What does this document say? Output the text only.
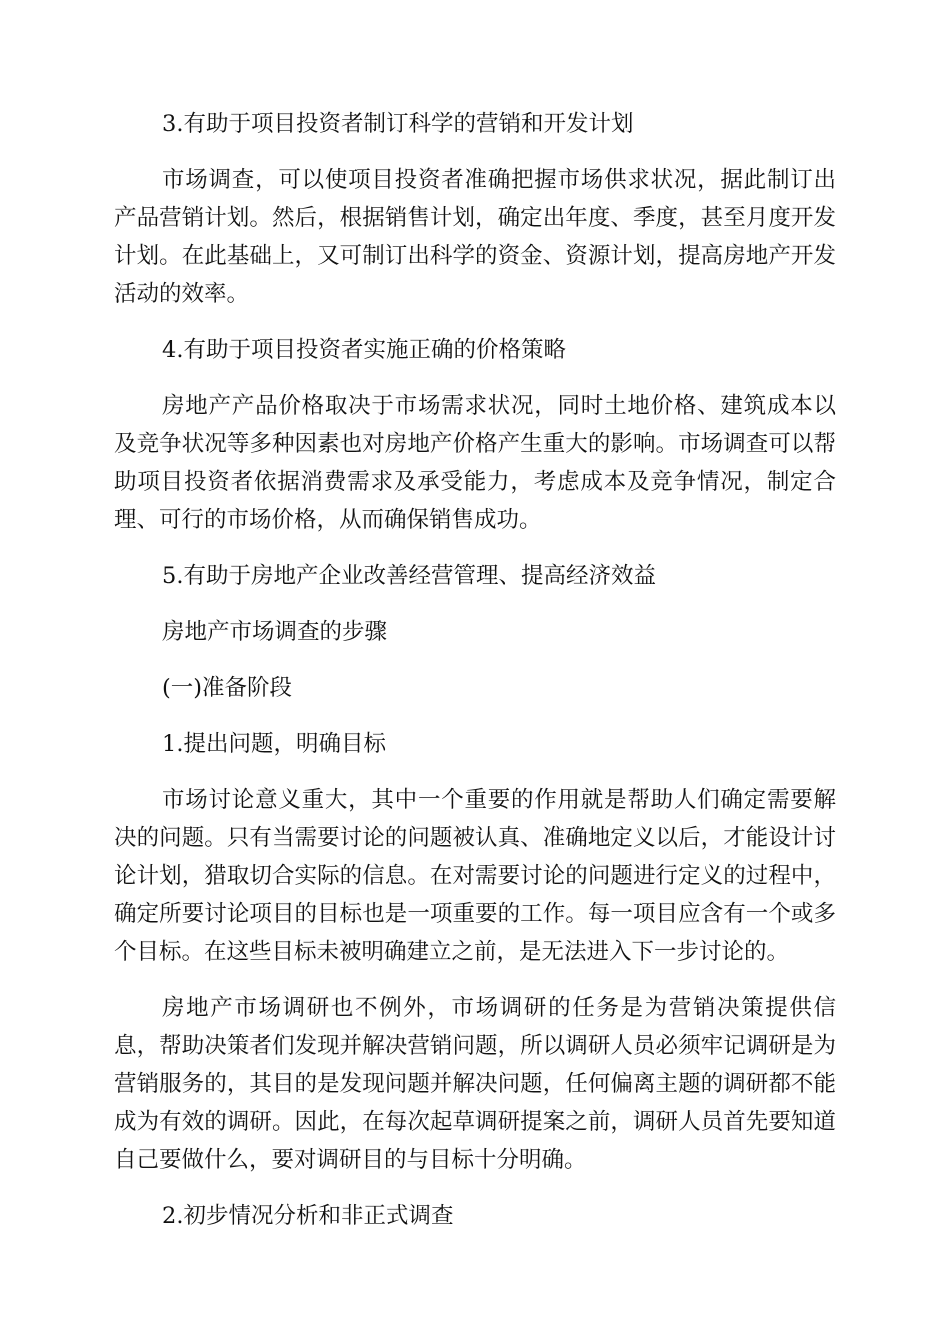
3.有助于项目投资者制订科学的营销和开发计划

市场调查，可以使项目投资者准确把握市场供求状况，据此制订出产品营销计划。然后，根据销售计划，确定出年度、季度，甚至月度开发计划。在此基础上，又可制订出科学的资金、资源计划，提高房地产开发活动的效率。

4.有助于项目投资者实施正确的价格策略

房地产产品价格取决于市场需求状况，同时土地价格、建筑成本以及竞争状况等多种因素也对房地产价格产生重大的影响。市场调查可以帮助项目投资者依据消费需求及承受能力，考虑成本及竞争情况，制定合理、可行的市场价格，从而确保销售成功。

5.有助于房地产企业改善经营管理、提高经济效益

房地产市场调查的步骤

(一)准备阶段

1.提出问题，明确目标

市场讨论意义重大，其中一个重要的作用就是帮助人们确定需要解决的问题。只有当需要讨论的问题被认真、准确地定义以后，才能设计讨论计划，猎取切合实际的信息。在对需要讨论的问题进行定义的过程中，确定所要讨论项目的目标也是一项重要的工作。每一项目应含有一个或多个目标。在这些目标未被明确建立之前，是无法进入下一步讨论的。

房地产市场调研也不例外，市场调研的任务是为营销决策提供信息，帮助决策者们发现并解决营销问题，所以调研人员必须牢记调研是为营销服务的，其目的是发现问题并解决问题，任何偏离主题的调研都不能成为有效的调研。因此，在每次起草调研提案之前，调研人员首先要知道自己要做什么，要对调研目的与目标十分明确。

2.初步情况分析和非正式调查
